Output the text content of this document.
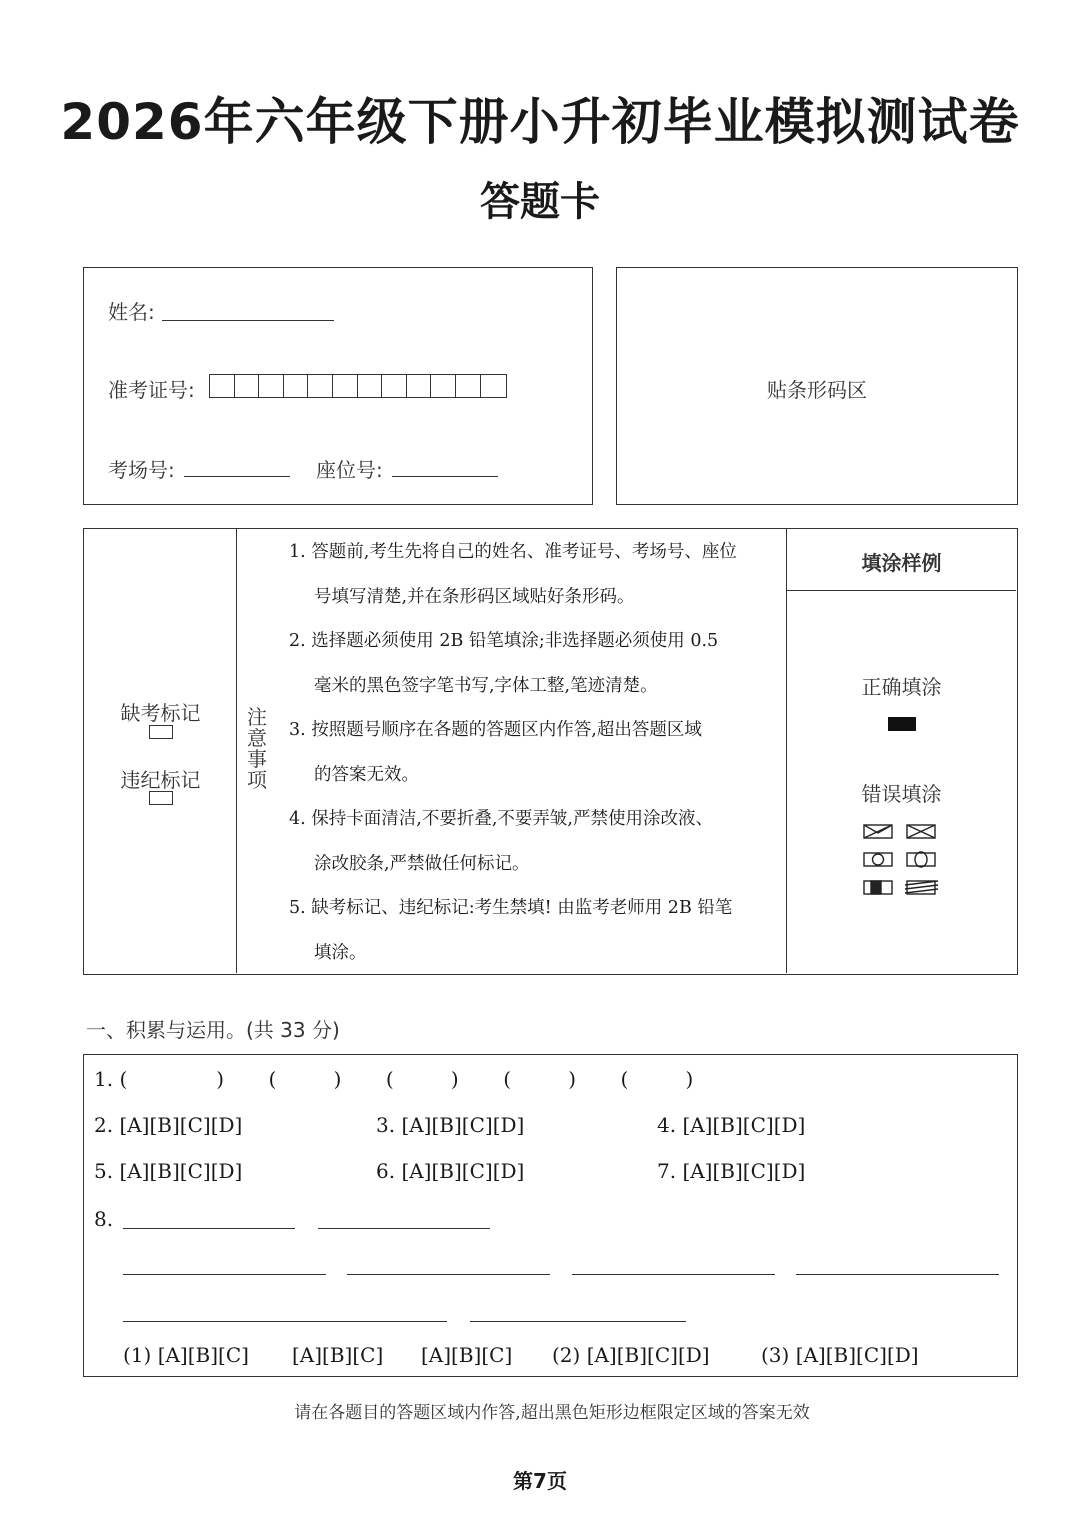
2026年六年级下册小升初毕业模拟测试卷
答题卡
姓名:
准考证号:
考场号:	座位号:
贴条形码区
缺考标记
违纪标记
注意事项
1. 答题前,考生先将自己的姓名、准考证号、考场号、座位
号填写清楚,并在条形码区域贴好条形码。
2. 选择题必须使用 2B 铅笔填涂;非选择题必须使用 0.5
毫米的黑色签字笔书写,字体工整,笔迹清楚。
3. 按照题号顺序在各题的答题区内作答,超出答题区域
的答案无效。
4. 保持卡面清洁,不要折叠,不要弄皱,严禁使用涂改液、
涂改胶条,严禁做任何标记。
5. 缺考标记、违纪标记:考生禁填! 由监考老师用 2B 铅笔
填涂。
填涂样例
正确填涂
错误填涂
一、积累与运用。(共 33 分)
1. (              )       (         )       (         )       (         )       (         )
2. [A][B][C][D]	3. [A][B][C][D]	4. [A][B][C][D]
5. [A][B][C][D]	6. [A][B][C][D]	7. [A][B][C][D]
8.
(1) [A][B][C] [A][B][C] [A][B][C] (2) [A][B][C][D]	(3) [A][B][C][D]
请在各题目的答题区域内作答,超出黑色矩形边框限定区域的答案无效
第7页
